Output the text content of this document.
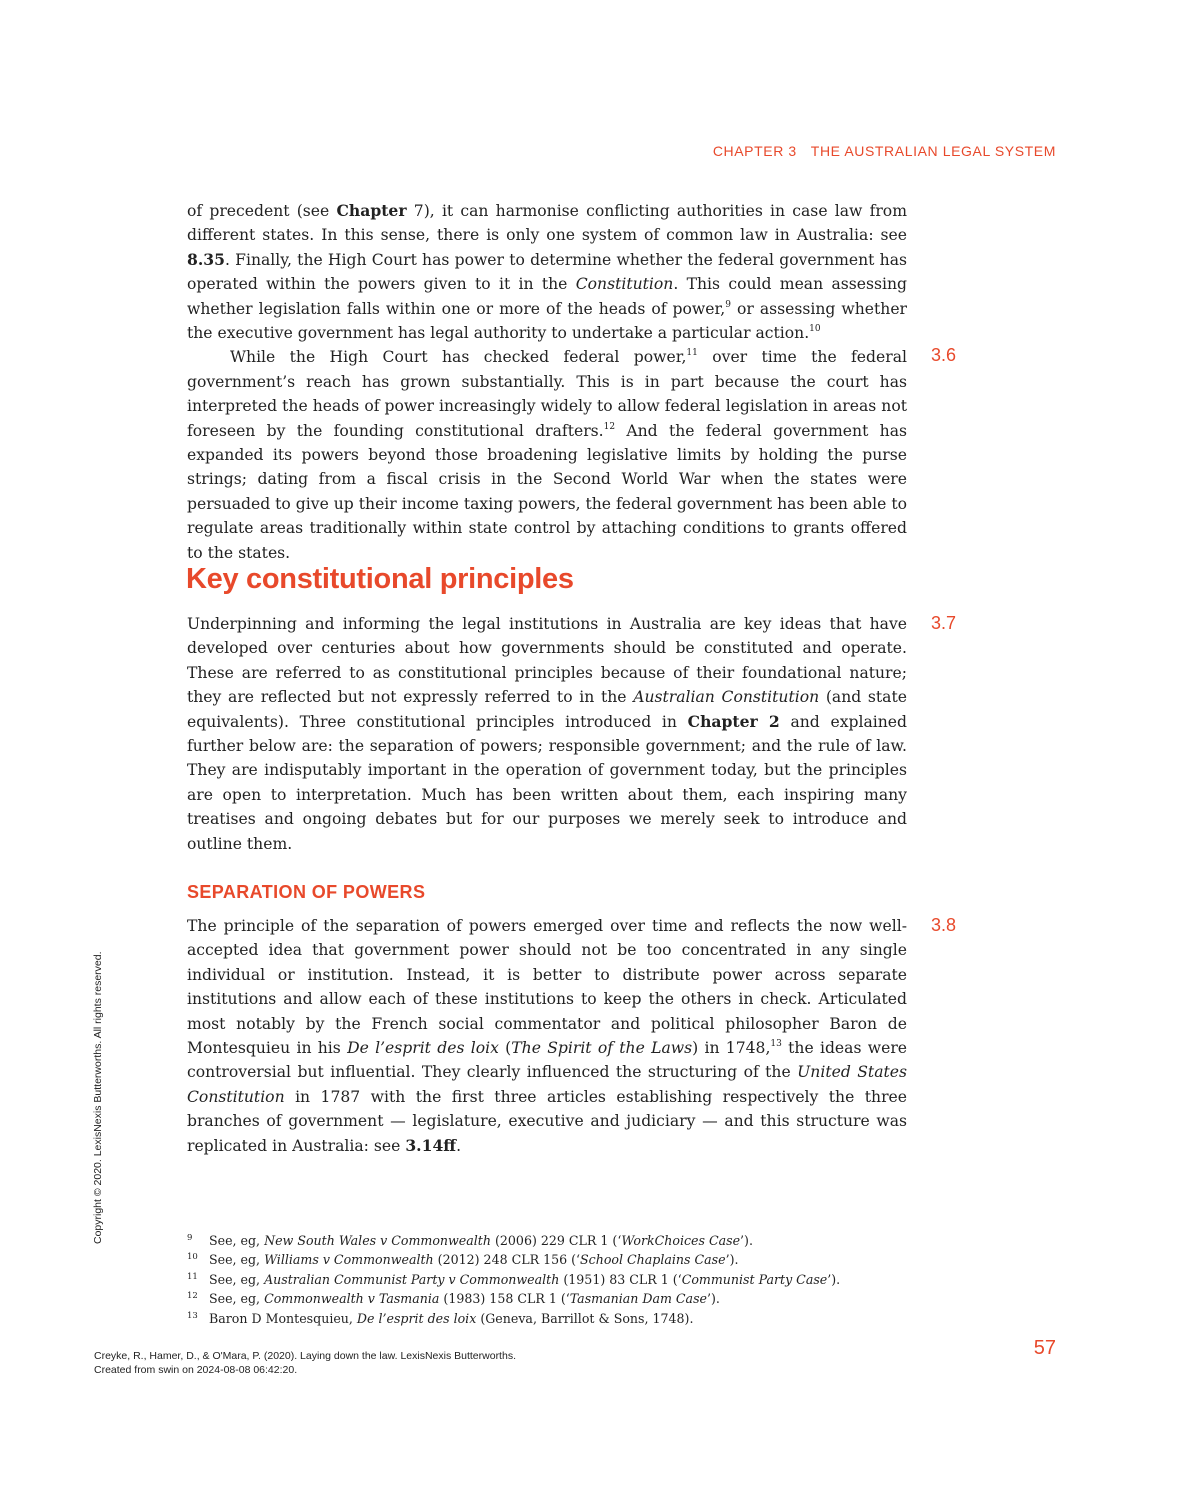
CHAPTER 3 THE AUSTRALIAN LEGAL SYSTEM

of precedent (see Chapter 7), it can harmonise conflicting authorities in case law from different states. In this sense, there is only one system of common law in Australia: see 8.35. Finally, the High Court has power to determine whether the federal government has operated within the powers given to it in the Constitution. This could mean assessing whether legislation falls within one or more of the heads of power,$^9$ or assessing whether the executive government has legal authority to undertake a particular action.$^{10}$

While the High Court has checked federal power,$^{11}$ over time the federal government’s reach has grown substantially. This is in part because the court has interpreted the heads of power increasingly widely to allow federal legislation in areas not foreseen by the founding constitutional drafters.$^{12}$ And the federal government has expanded its powers beyond those broadening legislative limits by holding the purse strings; dating from a fiscal crisis in the Second World War when the states were persuaded to give up their income taxing powers, the federal government has been able to regulate areas traditionally within state control by attaching conditions to grants offered to the states.

3.6
Key constitutional principles

Underpinning and informing the legal institutions in Australia are key ideas that have developed over centuries about how governments should be constituted and operate. These are referred to as constitutional principles because of their foundational nature; they are reflected but not expressly referred to in the Australian Constitution (and state equivalents). Three constitutional principles introduced in Chapter 2 and explained further below are: the separation of powers; responsible government; and the rule of law. They are indisputably important in the operation of government today, but the principles are open to interpretation. Much has been written about them, each inspiring many treatises and ongoing debates but for our purposes we merely seek to introduce and outline them.

3.7
SEPARATION OF POWERS

The principle of the separation of powers emerged over time and reflects the now well-accepted idea that government power should not be too concentrated in any single individual or institution. Instead, it is better to distribute power across separate institutions and allow each of these institutions to keep the others in check. Articulated most notably by the French social commentator and political philosopher Baron de Montesquieu in his De l’esprit des loix (The Spirit of the Laws) in 1748,13 the ideas were controversial but influential. They clearly influenced the structuring of the United States Constitution in 1787 with the first three articles establishing respectively the three branches of government — legislature, executive and judiciary — and this structure was replicated in Australia: see 3.14ff.

3.8
9 See, eg, New South Wales v Commonwealth (2006) 229 CLR 1 (‘WorkChoices Case’).
10 See, eg, Williams v Commonwealth (2012) 248 CLR 156 (‘School Chaplains Case’).
11 See, eg, Australian Communist Party v Commonwealth (1951) 83 CLR 1 (‘Communist Party Case’).
12 See, eg, Commonwealth v Tasmania (1983) 158 CLR 1 (‘Tasmanian Dam Case’).
13 Baron D Montesquieu, De l’esprit des loix (Geneva, Barrillot & Sons, 1748).
57
Creyke, R., Hamer, D., & O'Mara, P. (2020). Laying down the law. LexisNexis Butterworths.
Created from swin on 2024-08-08 06:42:20.
Copyright © 2020. LexisNexis Butterworths. All rights reserved.
